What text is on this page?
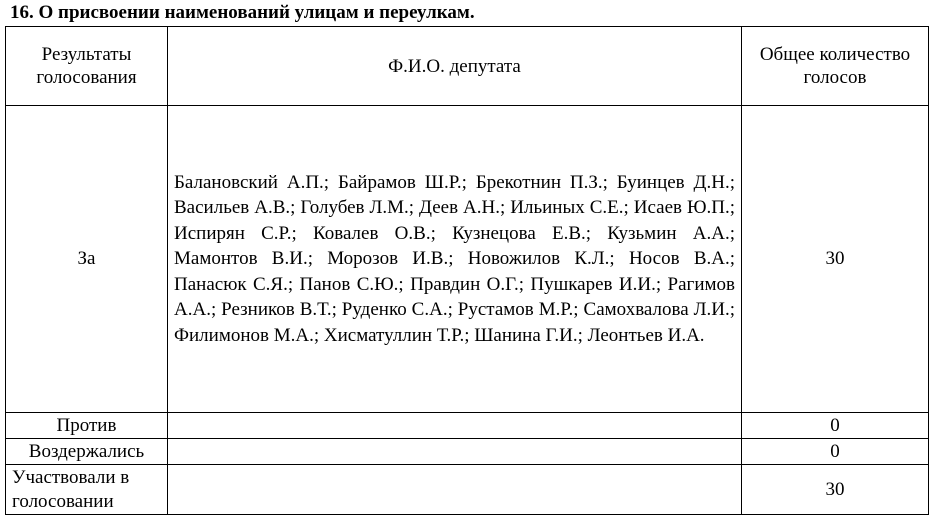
16. О присвоении наименований улицам и переулкам.
Результаты голосования	Ф.И.О. депутата	Общее количество голосов
За	Балановский А.П.; Байрамов Ш.Р.; Брекотнин П.З.; Буинцев Д.Н.; Васильев А.В.; Голубев Л.М.; Деев А.Н.; Ильиных С.Е.; Исаев Ю.П.; Испирян С.Р.; Ковалев О.В.; Кузнецова Е.В.; Кузьмин А.А.; Мамонтов В.И.; Морозов И.В.; Новожилов К.Л.; Носов В.А.; Панасюк С.Я.; Панов С.Ю.; Правдин О.Г.; Пушкарев И.И.; Рагимов А.А.; Резников В.Т.; Руденко С.А.; Рустамов М.Р.; Самохвалова Л.И.; Филимонов М.А.; Хисматуллин Т.Р.; Шанина Г.И.; Леонтьев И.А.	30
Против		0
Воздержались		0
Участвовали в голосовании		30
